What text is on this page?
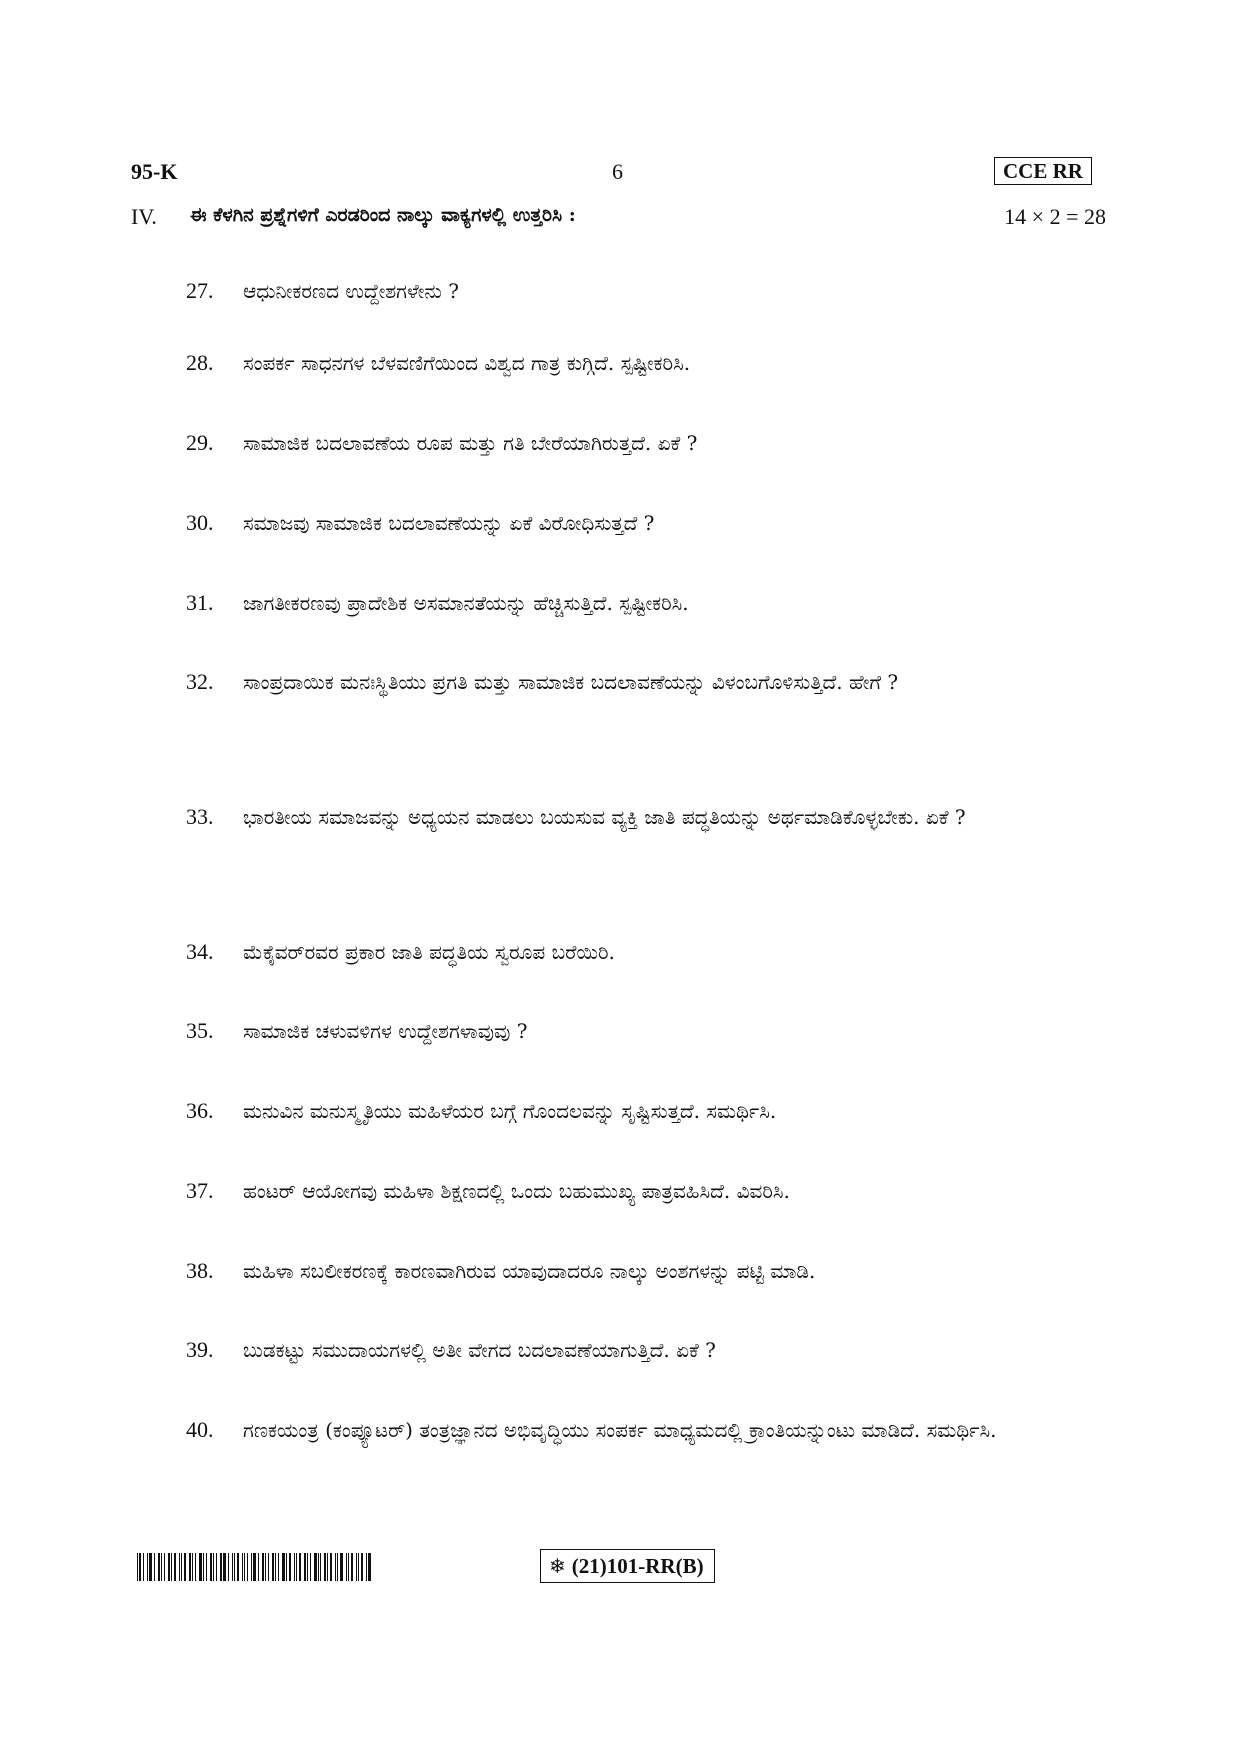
95-K	6	CCE RR
IV. ಈ ಕೆಳಗಿನ ಪ್ರಶ್ನೆಗಳಿಗೆ ಎರಡರಿಂದ ನಾಲ್ಕು ವಾಕ್ಯಗಳಲ್ಲಿ ಉತ್ತರಿಸಿ :	14 × 2 = 28
27. ಆಧುನೀಕರಣದ ಉದ್ದೇಶಗಳೇನು ?
28. ಸಂಪರ್ಕ ಸಾಧನಗಳ ಬೆಳವಣಿಗೆಯಿಂದ ವಿಶ್ವದ ಗಾತ್ರ ಕುಗ್ಗಿದೆ. ಸ್ಪಷ್ಟೀಕರಿಸಿ.
29. ಸಾಮಾಜಿಕ ಬದಲಾವಣೆಯ ರೂಪ ಮತ್ತು ಗತಿ ಬೇರೆಯಾಗಿರುತ್ತದೆ. ಏಕೆ ?
30. ಸಮಾಜವು ಸಾಮಾಜಿಕ ಬದಲಾವಣೆಯನ್ನು ಏಕೆ ವಿರೋಧಿಸುತ್ತದೆ ?
31. ಜಾಗತೀಕರಣವು ಪ್ರಾದೇಶಿಕ ಅಸಮಾನತೆಯನ್ನು ಹೆಚ್ಚಿಸುತ್ತಿದೆ. ಸ್ಪಷ್ಟೀಕರಿಸಿ.
32. ಸಾಂಪ್ರದಾಯಿಕ ಮನಃಸ್ಥಿತಿಯು ಪ್ರಗತಿ ಮತ್ತು ಸಾಮಾಜಿಕ ಬದಲಾವಣೆಯನ್ನು ವಿಳಂಬಗೊಳಿಸುತ್ತಿದೆ. ಹೇಗೆ ?
33. ಭಾರತೀಯ ಸಮಾಜವನ್ನು ಅಧ್ಯಯನ ಮಾಡಲು ಬಯಸುವ ವ್ಯಕ್ತಿ ಜಾತಿ ಪದ್ಧತಿಯನ್ನು ಅರ್ಥಮಾಡಿಕೊಳ್ಳಬೇಕು. ಏಕೆ ?
34. ಮೆಕೈವರ್‌ರವರ ಪ್ರಕಾರ ಜಾತಿ ಪದ್ಧತಿಯ ಸ್ವರೂಪ ಬರೆಯಿರಿ.
35. ಸಾಮಾಜಿಕ ಚಳುವಳಿಗಳ ಉದ್ದೇಶಗಳಾವುವು ?
36. ಮನುವಿನ ಮನುಸ್ಮೃತಿಯು ಮಹಿಳೆಯರ ಬಗ್ಗೆ ಗೊಂದಲವನ್ನು ಸೃಷ್ಟಿಸುತ್ತದೆ. ಸಮರ್ಥಿಸಿ.
37. ಹಂಟರ್ ಆಯೋಗವು ಮಹಿಳಾ ಶಿಕ್ಷಣದಲ್ಲಿ ಒಂದು ಬಹುಮುಖ್ಯ ಪಾತ್ರವಹಿಸಿದೆ. ವಿವರಿಸಿ.
38. ಮಹಿಳಾ ಸಬಲೀಕರಣಕ್ಕೆ ಕಾರಣವಾಗಿರುವ ಯಾವುದಾದರೂ ನಾಲ್ಕು ಅಂಶಗಳನ್ನು ಪಟ್ಟಿ ಮಾಡಿ.
39. ಬುಡಕಟ್ಟು ಸಮುದಾಯಗಳಲ್ಲಿ ಅತೀ ವೇಗದ ಬದಲಾವಣೆಯಾಗುತ್ತಿದೆ. ಏಕೆ ?
40. ಗಣಕಯಂತ್ರ (ಕಂಪ್ಯೂಟರ್) ತಂತ್ರಜ್ಞಾನದ ಅಭಿವೃದ್ಧಿಯು ಸಂಪರ್ಕ ಮಾಧ್ಯಮದಲ್ಲಿ ಕ್ರಾಂತಿಯನ್ನುಂಟು ಮಾಡಿದೆ. ಸಮರ್ಥಿಸಿ.
❄ (21)101-RR(B)
